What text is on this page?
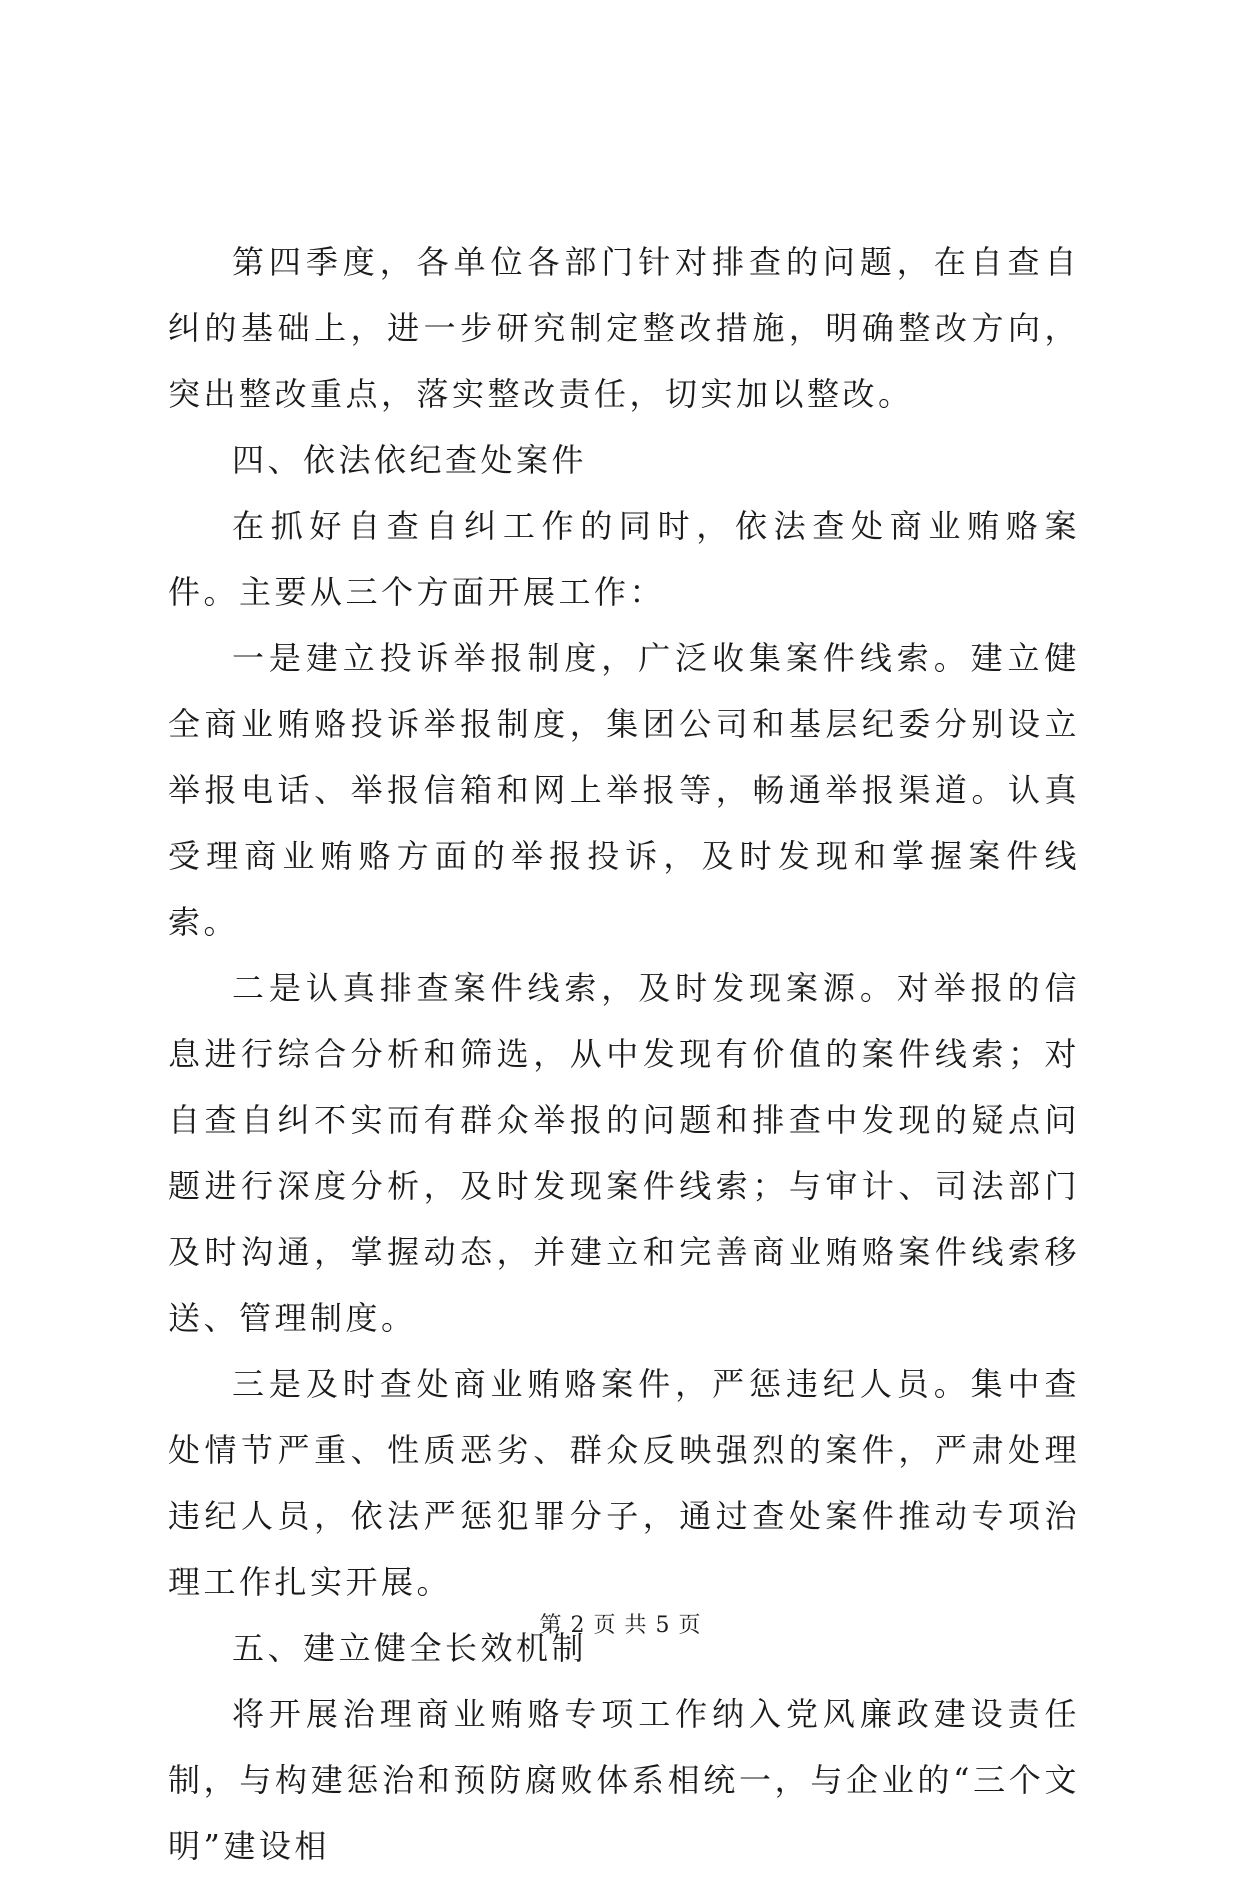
第四季度，各单位各部门针对排查的问题，在自查自纠的基础上，进一步研究制定整改措施，明确整改方向，突出整改重点，落实整改责任，切实加以整改。

四、依法依纪查处案件

在抓好自查自纠工作的同时，依法查处商业贿赂案件。主要从三个方面开展工作：

一是建立投诉举报制度，广泛收集案件线索。建立健全商业贿赂投诉举报制度，集团公司和基层纪委分别设立举报电话、举报信箱和网上举报等，畅通举报渠道。认真受理商业贿赂方面的举报投诉，及时发现和掌握案件线索。

二是认真排查案件线索，及时发现案源。对举报的信息进行综合分析和筛选，从中发现有价值的案件线索；对自查自纠不实而有群众举报的问题和排查中发现的疑点问题进行深度分析，及时发现案件线索；与审计、司法部门及时沟通，掌握动态，并建立和完善商业贿赂案件线索移送、管理制度。

三是及时查处商业贿赂案件，严惩违纪人员。集中查处情节严重、性质恶劣、群众反映强烈的案件，严肃处理违纪人员，依法严惩犯罪分子，通过查处案件推动专项治理工作扎实开展。

五、建立健全长效机制

将开展治理商业贿赂专项工作纳入党风廉政建设责任制，与构建惩治和预防腐败体系相统一，与企业的“三个文明”建设相

第 2 页 共 5 页
